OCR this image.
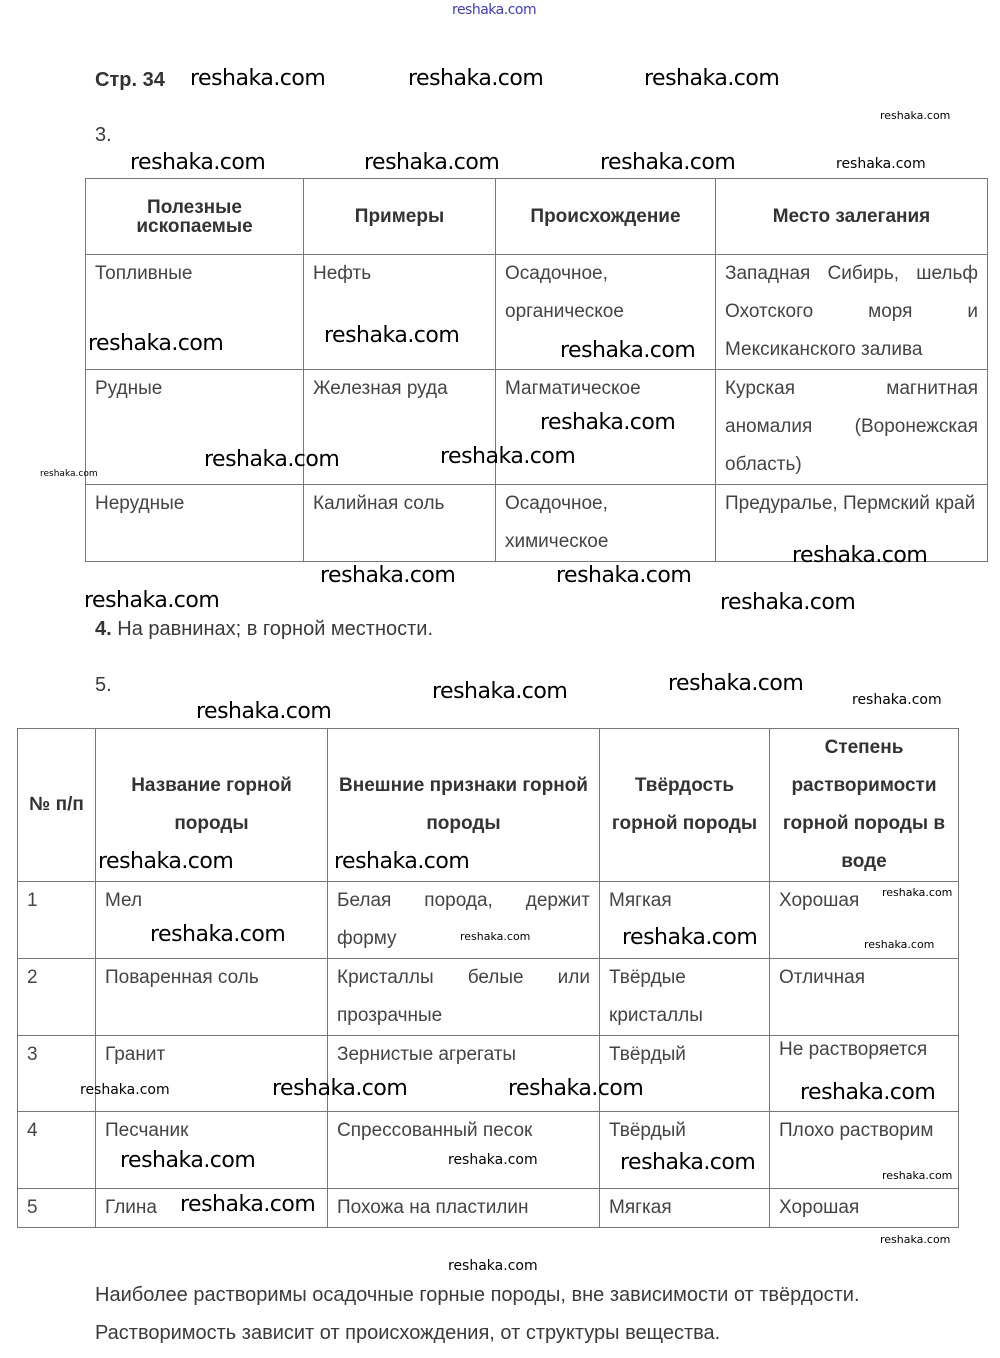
Стр. 34
3.
Полезные ископаемые	Примеры	Происхождение	Место залегания
Топливные	Нефть	Осадочное, органическое	Западная Сибирь, шельф Охотского моря и Мексиканского залива
Рудные	Железная руда	Магматическое	Курская магнитная аномалия (Воронежская область)
Нерудные	Калийная соль	Осадочное, химическое	Предуралье, Пермский край
4. На равнинах; в горной местности.
5.
№ п/п	Название горной породы	Внешние признаки горной породы	Твёрдость горной породы	Степень растворимости горной породы в воде
1	Мел	Белая порода, держит форму	Мягкая	Хорошая
2	Поваренная соль	Кристаллы белые или прозрачные	Твёрдые кристаллы	Отличная
3	Гранит	Зернистые агрегаты	Твёрдый	Не растворяется
4	Песчаник	Спрессованный песок	Твёрдый	Плохо растворим
5	Глина	Похожа на пластилин	Мягкая	Хорошая
Наиболее растворимы осадочные горные породы, вне зависимости от твёрдости.
Растворимость зависит от происхождения, от структуры вещества.
reshaka.com
reshaka.com	reshaka.com	reshaka.com
reshaka.com
reshaka.com	reshaka.com	reshaka.com	reshaka.com
reshaka.com	reshaka.com
reshaka.com
reshaka.com
reshaka.com	reshaka.com
reshaka.com
reshaka.com
reshaka.com
reshaka.com	reshaka.com
reshaka.com
reshaka.com	reshaka.com
reshaka.com	reshaka.com
reshaka.com	reshaka.com
reshaka.com
reshaka.com
reshaka.com
reshaka.com
reshaka.com
reshaka.com
reshaka.com
reshaka.com	reshaka.com	reshaka.com
reshaka.com
reshaka.com
reshaka.com
reshaka.com
reshaka.com
reshaka.com
